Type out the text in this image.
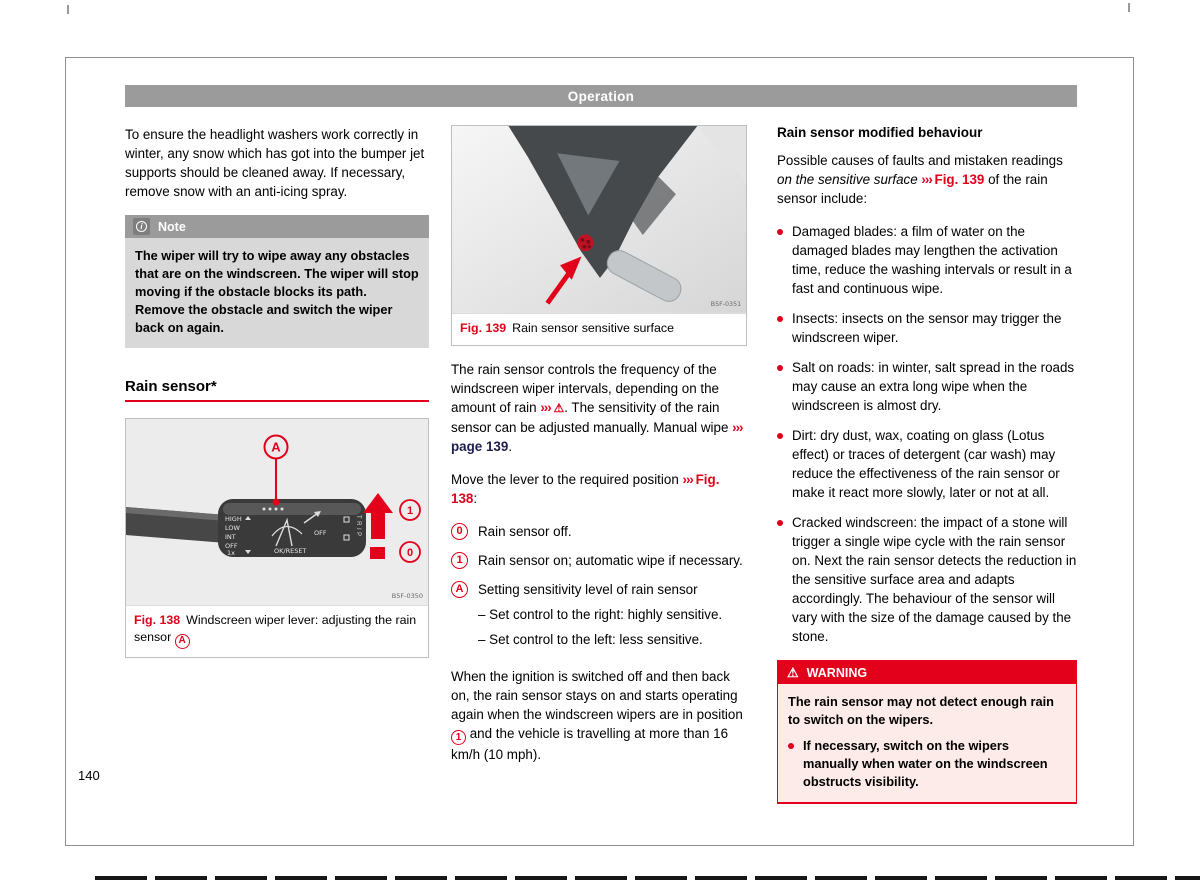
Operation

To ensure the headlight washers work correctly in winter, any snow which has got into the bumper jet supports should be cleaned away. If necessary, remove snow with an anti-icing spray.

i	Note
The wiper will try to wipe away any obstacles that are on the windscreen. The wiper will stop moving if the obstacle blocks its path. Remove the obstacle and switch the wiper back on again.
Rain sensor*
HIGH
LOW
INT
OFF
1x
OFF
OK/RESET
TRIP
A
1
0
B5F-0350
Fig. 138 Windscreen wiper lever: adjusting the rain sensor A
140
B5F-0351
Fig. 139 Rain sensor sensitive surface

The rain sensor controls the frequency of the windscreen wiper intervals, depending on the amount of rain ››› ⚠. The sensitivity of the rain sensor can be adjusted manually. Manual wipe ››› page 139.

Move the lever to the required position ››› Fig. 138:

0	Rain sensor off.
1	Rain sensor on; automatic wipe if necessary.
A	Setting sensitivity level of rain sensor
– Set control to the right: highly sensitive.
– Set control to the left: less sensitive.

When the ignition is switched off and then back on, the rain sensor stays on and starts operating again when the windscreen wipers are in position 1 and the vehicle is travelling at more than 16 km/h (10 mph).

Rain sensor modified behaviour

Possible causes of faults and mistaken readings on the sensitive surface ››› Fig. 139 of the rain sensor include:

Damaged blades: a film of water on the damaged blades may lengthen the activation time, reduce the washing intervals or result in a fast and continuous wipe.
Insects: insects on the sensor may trigger the windscreen wiper.
Salt on roads: in winter, salt spread in the roads may cause an extra long wipe when the windscreen is almost dry.
Dirt: dry dust, wax, coating on glass (Lotus effect) or traces of detergent (car wash) may reduce the effectiveness of the rain sensor or make it react more slowly, later or not at all.
Cracked windscreen: the impact of a stone will trigger a single wipe cycle with the rain sensor on. Next the rain sensor detects the reduction in the sensitive surface area and adapts accordingly. The behaviour of the sensor will vary with the size of the damage caused by the stone.
⚠ WARNING

The rain sensor may not detect enough rain to switch on the wipers.

If necessary, switch on the wipers manually when water on the windscreen obstructs visibility.
